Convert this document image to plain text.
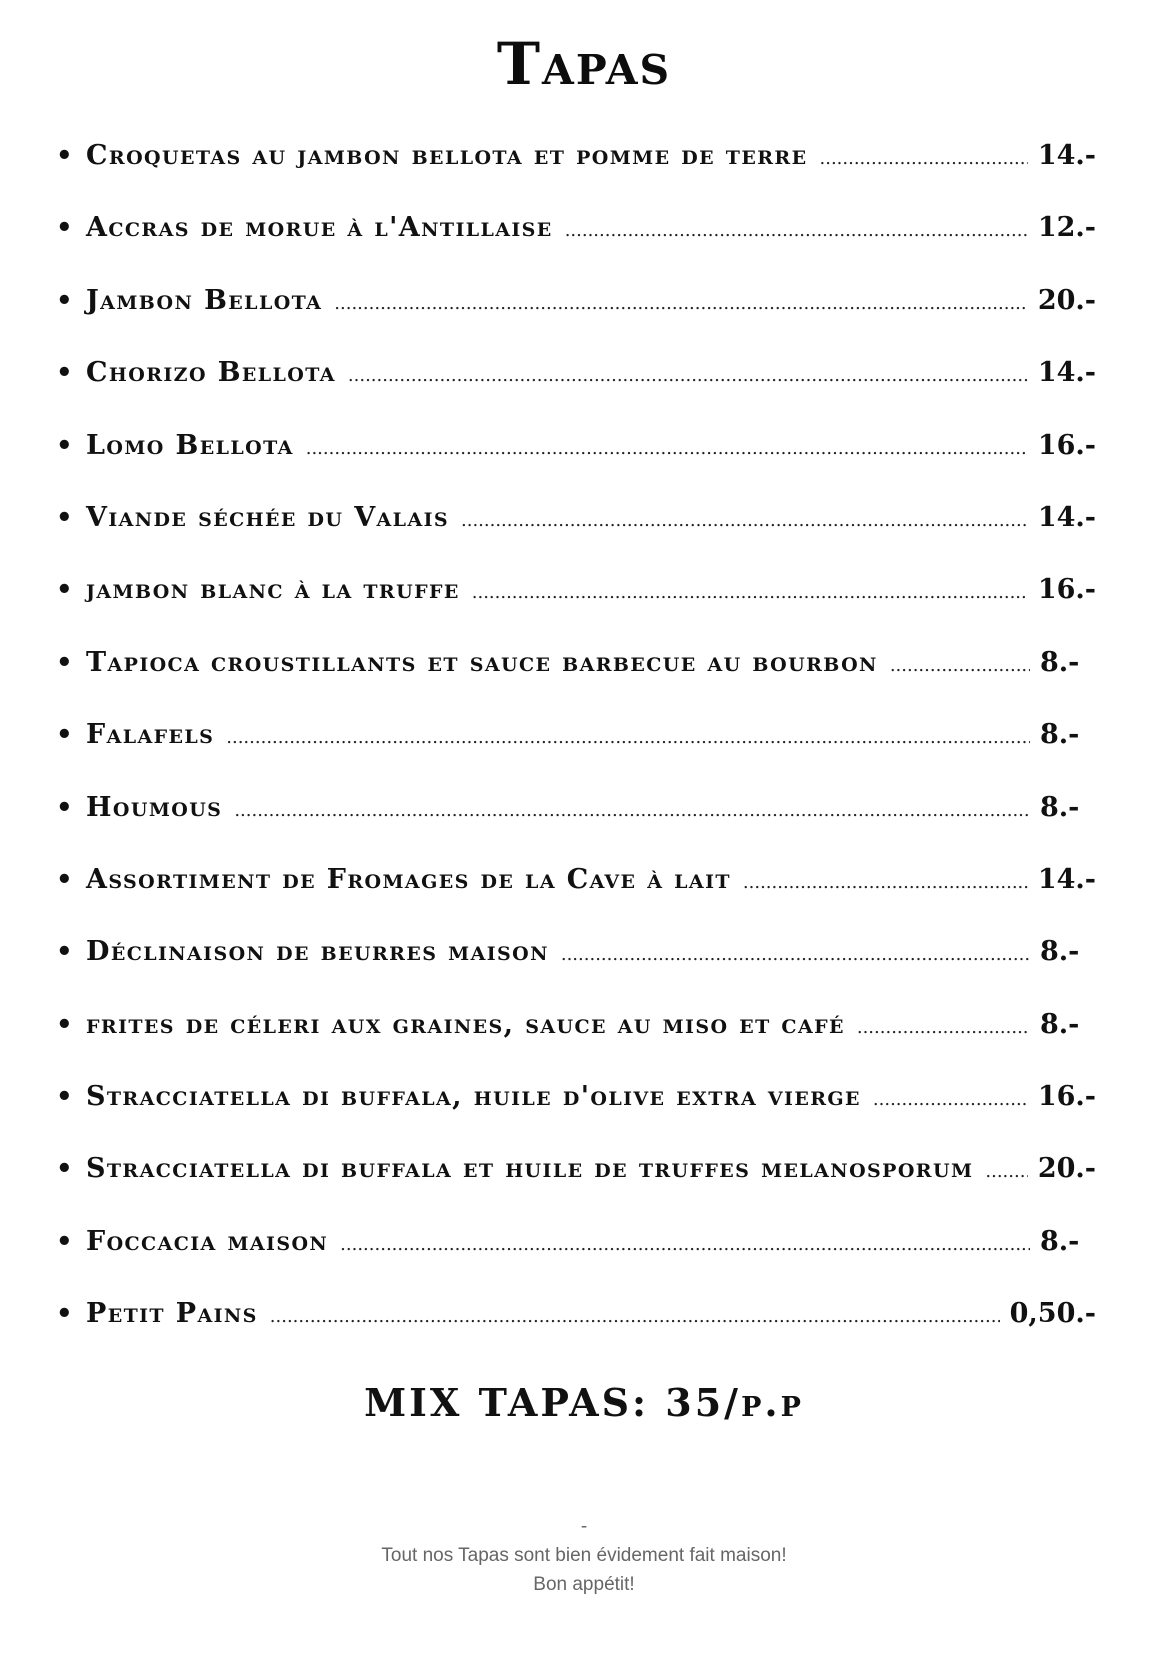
Tapas
• Croquetas au jambon bellota et pomme de terre .....	14.-
• Accras de morue à l'Antillaise .....	12.-
• Jambon Bellota .....	20.-
• Chorizo Bellota .....	14.-
• Lomo Bellota .....	16.-
• Viande séchée du Valais .....	14.-
• jambon blanc à la truffe .....	16.-
• Tapioca croustillants et sauce barbecue au bourbon .....	8.-
• Falafels .....	8.-
• Houmous .....	8.-
• Assortiment de Fromages de la Cave à lait .....	14.-
• Déclinaison de beurres maison .....	8.-
• frites de céleri aux graines, sauce au miso et café .....	8.-
• Stracciatella di buffala, huile d'olive extra vierge .....	16.-
• Stracciatella di buffala et huile de truffes melanosporum ..... 20.-
• Foccacia maison .....	8.-
• Petit Pains .....	0,50.-
MIX TAPAS: 35/p.p
-
Tout nos Tapas sont bien évidement fait maison!
Bon appétit!
